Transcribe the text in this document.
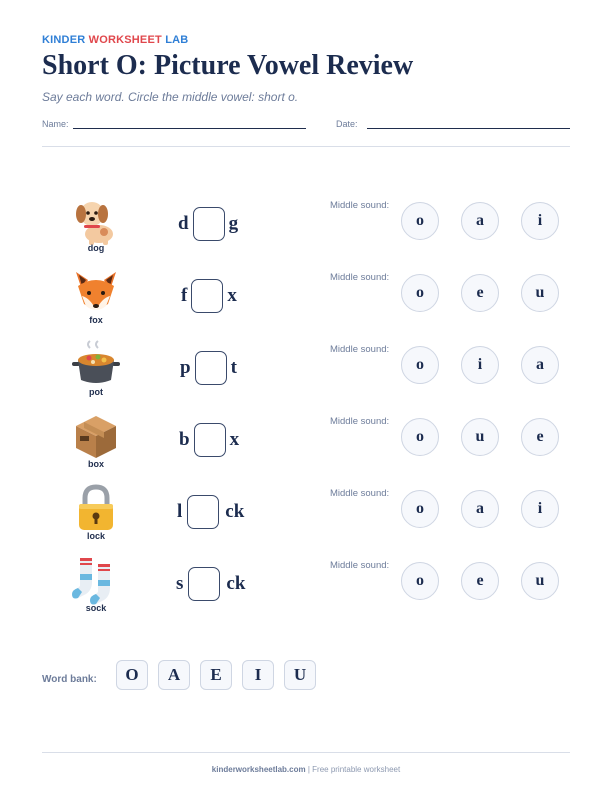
KINDER WORKSHEET LAB
Short O: Picture Vowel Review
Say each word. Circle the middle vowel: short o.
Name:	Date:
dog
d g
Middle sound:
o	a	i
fox
f x
Middle sound:
o	e	u
pot
p t
Middle sound:
o	i	a
box
b x
Middle sound:
o	u	e
lock
l ck
Middle sound:
o	a	i
sock
s ck
Middle sound:
o	e	u
Word bank:	O	A	E	I	U
kinderworksheetlab.com | Free printable worksheet
